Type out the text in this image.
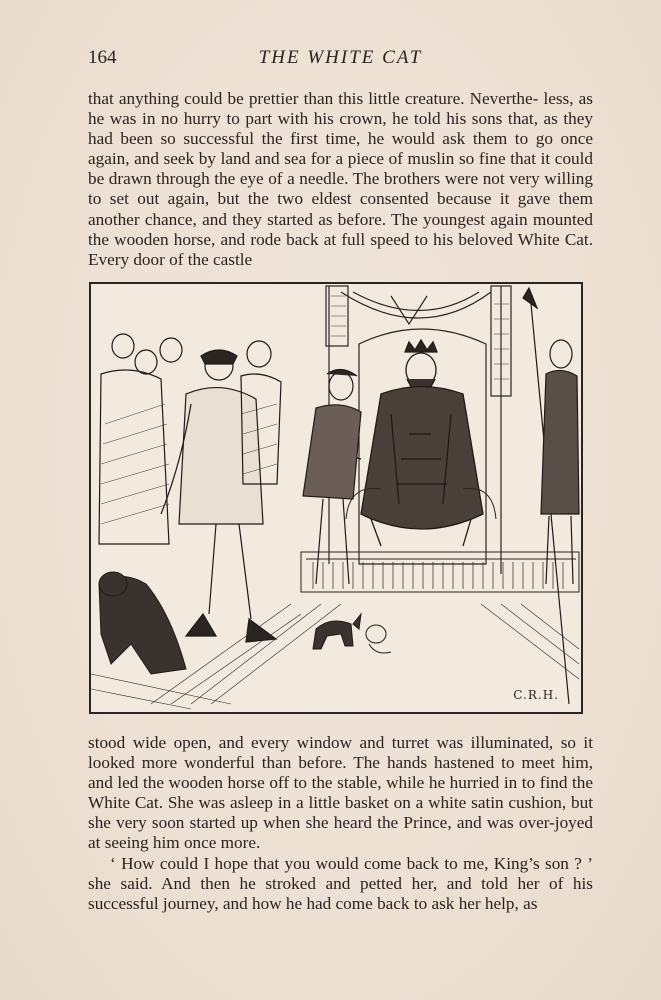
164	THE WHITE CAT

that anything could be prettier than this little creature. Neverthe- less, as he was in no hurry to part with his crown, he told his sons that, as they had been so successful the first time, he would ask them to go once again, and seek by land and sea for a piece of muslin so fine that it could be drawn through the eye of a needle. The brothers were not very willing to set out again, but the two eldest consented because it gave them another chance, and they started as before. The youngest again mounted the wooden horse, and rode back at full speed to his beloved White Cat. Every door of the castle

C.R.H.

stood wide open, and every window and turret was illuminated, so it looked more wonderful than before. The hands hastened to meet him, and led the wooden horse off to the stable, while he hurried in to find the White Cat. She was asleep in a little basket on a white satin cushion, but she very soon started up when she heard the Prince, and was over-joyed at seeing him once more.

‘ How could I hope that you would come back to me, King’s son ? ’ she said. And then he stroked and petted her, and told her of his successful journey, and how he had come back to ask her help, as
